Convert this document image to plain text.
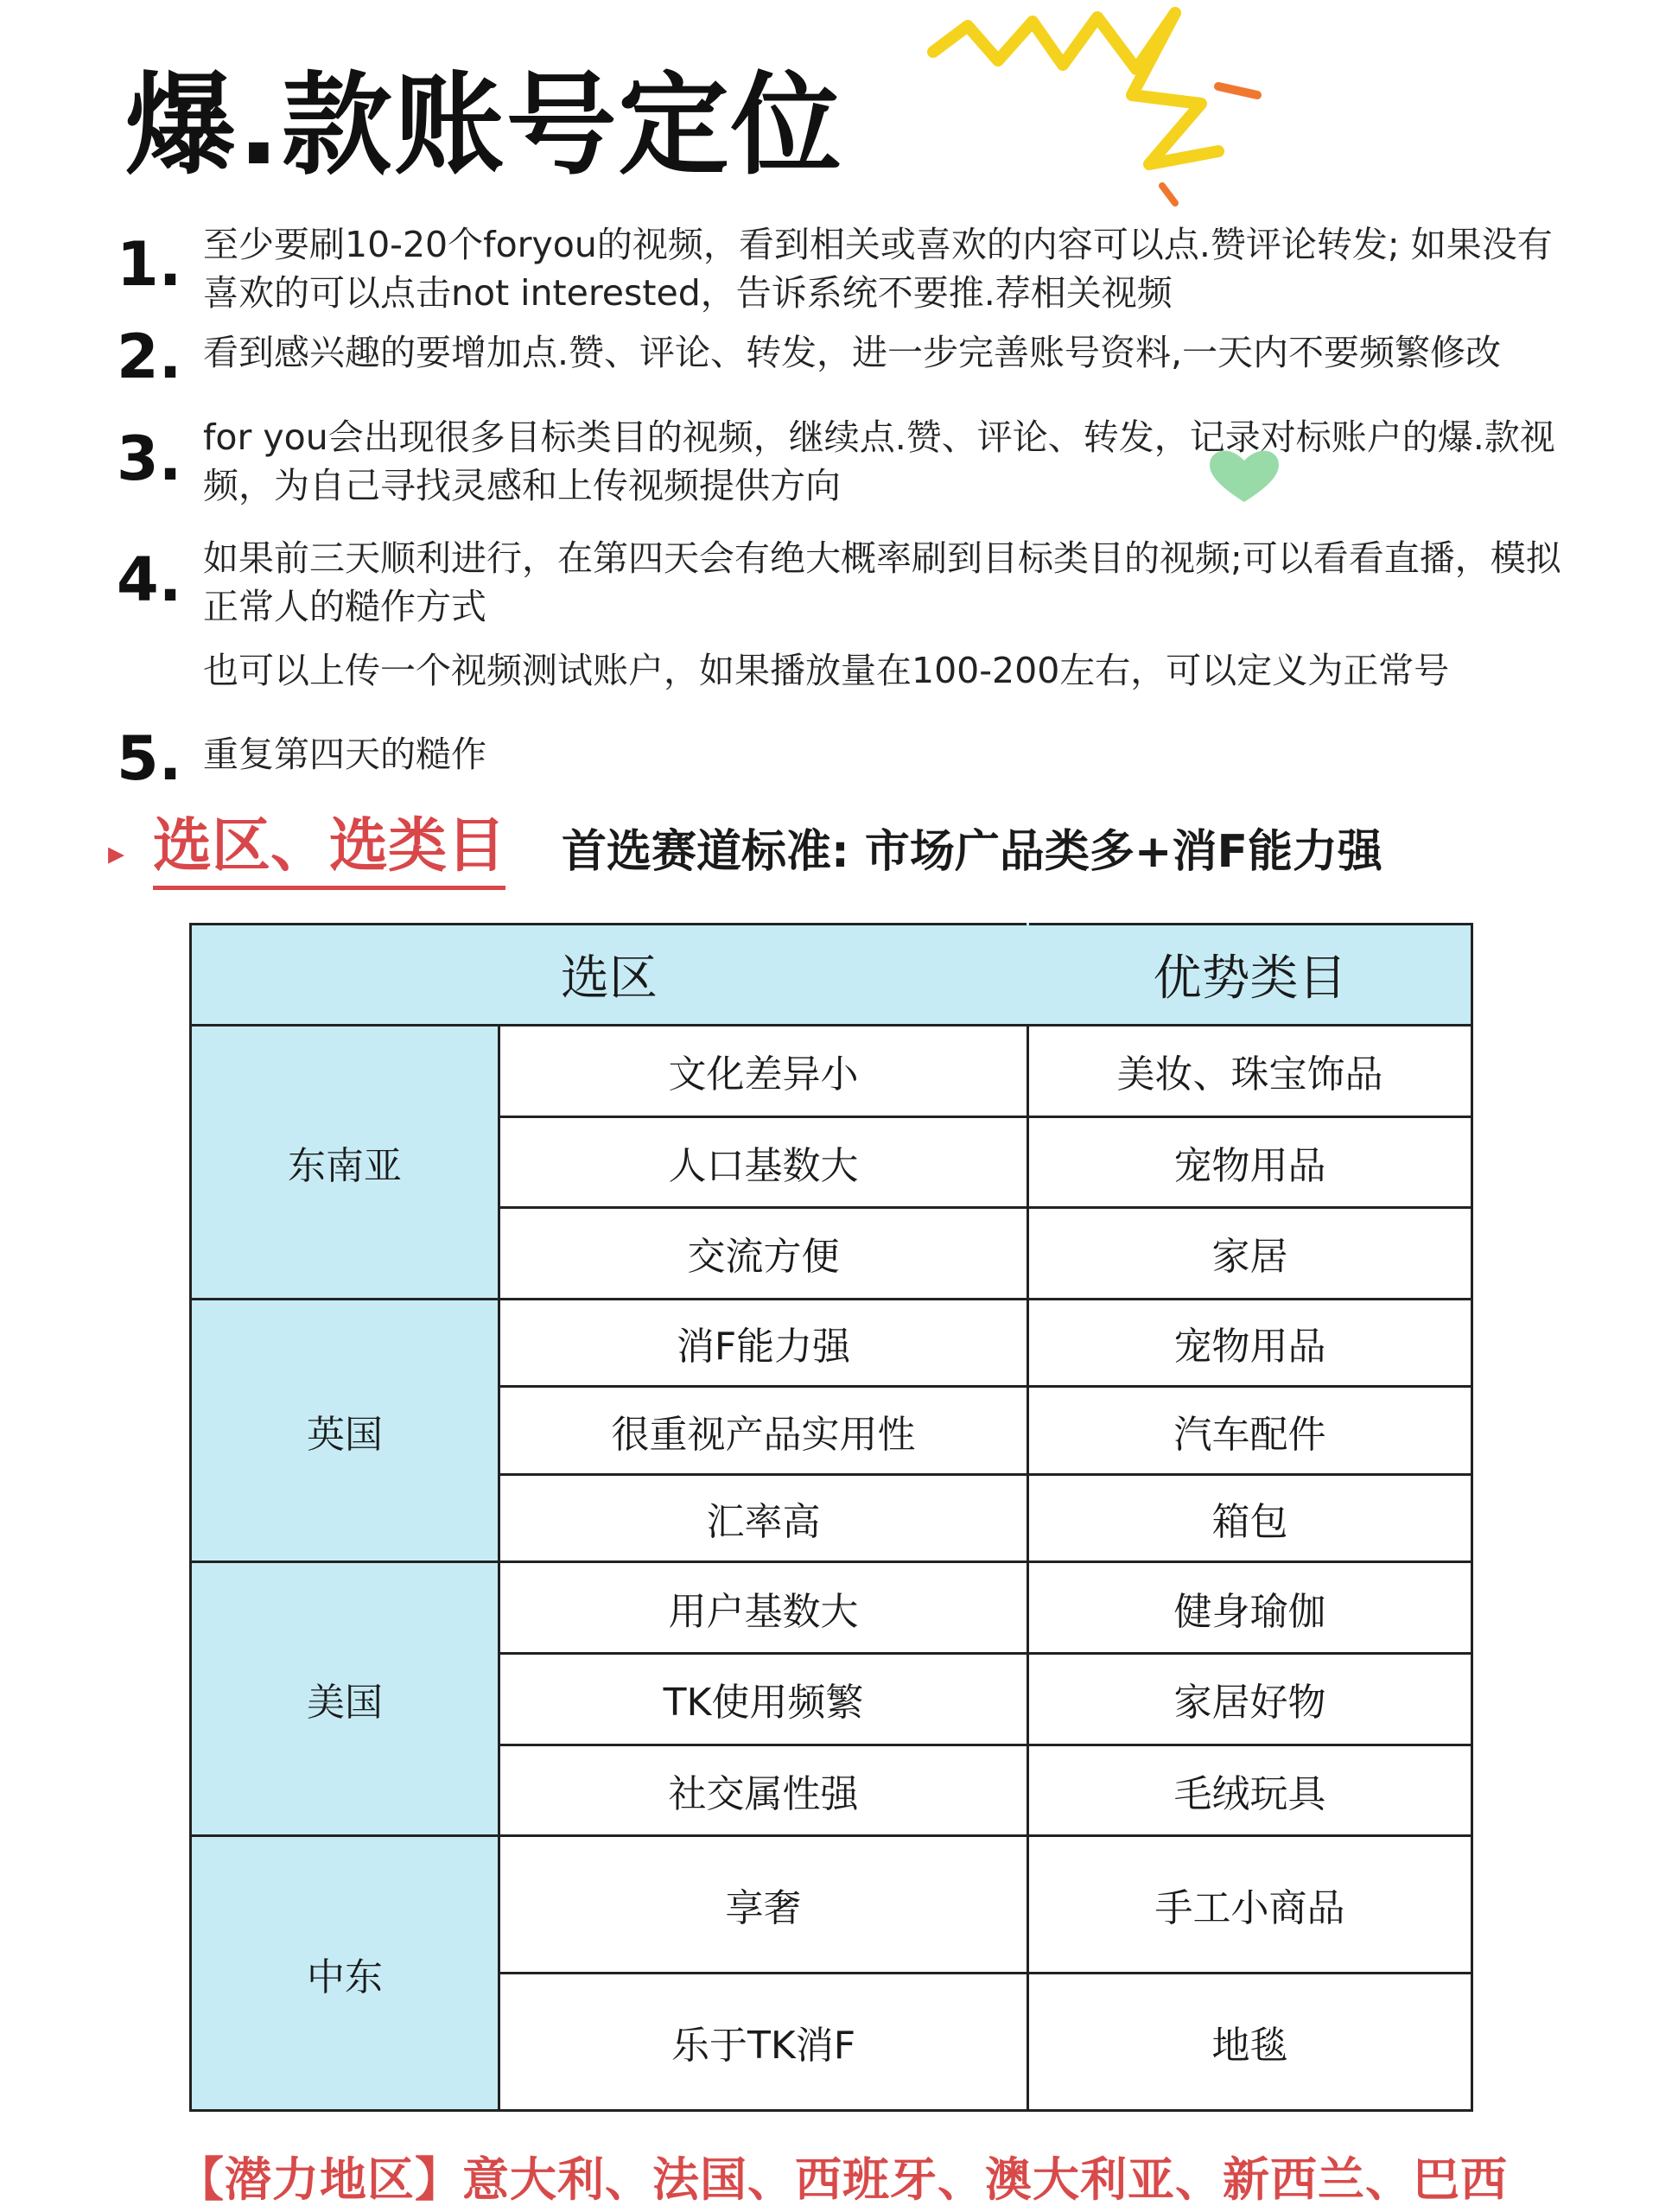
爆.款账号定位
1. 至少要刷10-20个foryou的视频，看到相关或喜欢的内容可以点.赞评论转发; 如果没有喜欢的可以点击not interested，告诉系统不要推.荐相关视频
2. 看到感兴趣的要增加点.赞、评论、转发，进一步完善账号资料,一天内不要频繁修改
3. for you会出现很多目标类目的视频，继续点.赞、评论、转发，记录对标账户的爆.款视频，为自己寻找灵感和上传视频提供方向
4. 如果前三天顺利进行，在第四天会有绝大概率刷到目标类目的视频;可以看看直播，模拟正常人的糙作方式
也可以上传一个视频测试账户，如果播放量在100-200左右，可以定义为正常号
5. 重复第四天的糙作
▸ 选区、选类目 首选赛道标准: 市场广品类多+消F能力强
选区		优势类目
东南亚	文化差异小	美妆、珠宝饰品
	人口基数大	宠物用品
	交流方便	家居
英国	消F能力强	宠物用品
	很重视产品实用性	汽车配件
	汇率高	箱包
美国	用户基数大	健身瑜伽
	TK使用频繁	家居好物
	社交属性强	毛绒玩具
中东	享奢	手工小商品
	乐于TK消F	地毯
【潜力地区】意大利、法国、西班牙、澳大利亚、新西兰、巴西
